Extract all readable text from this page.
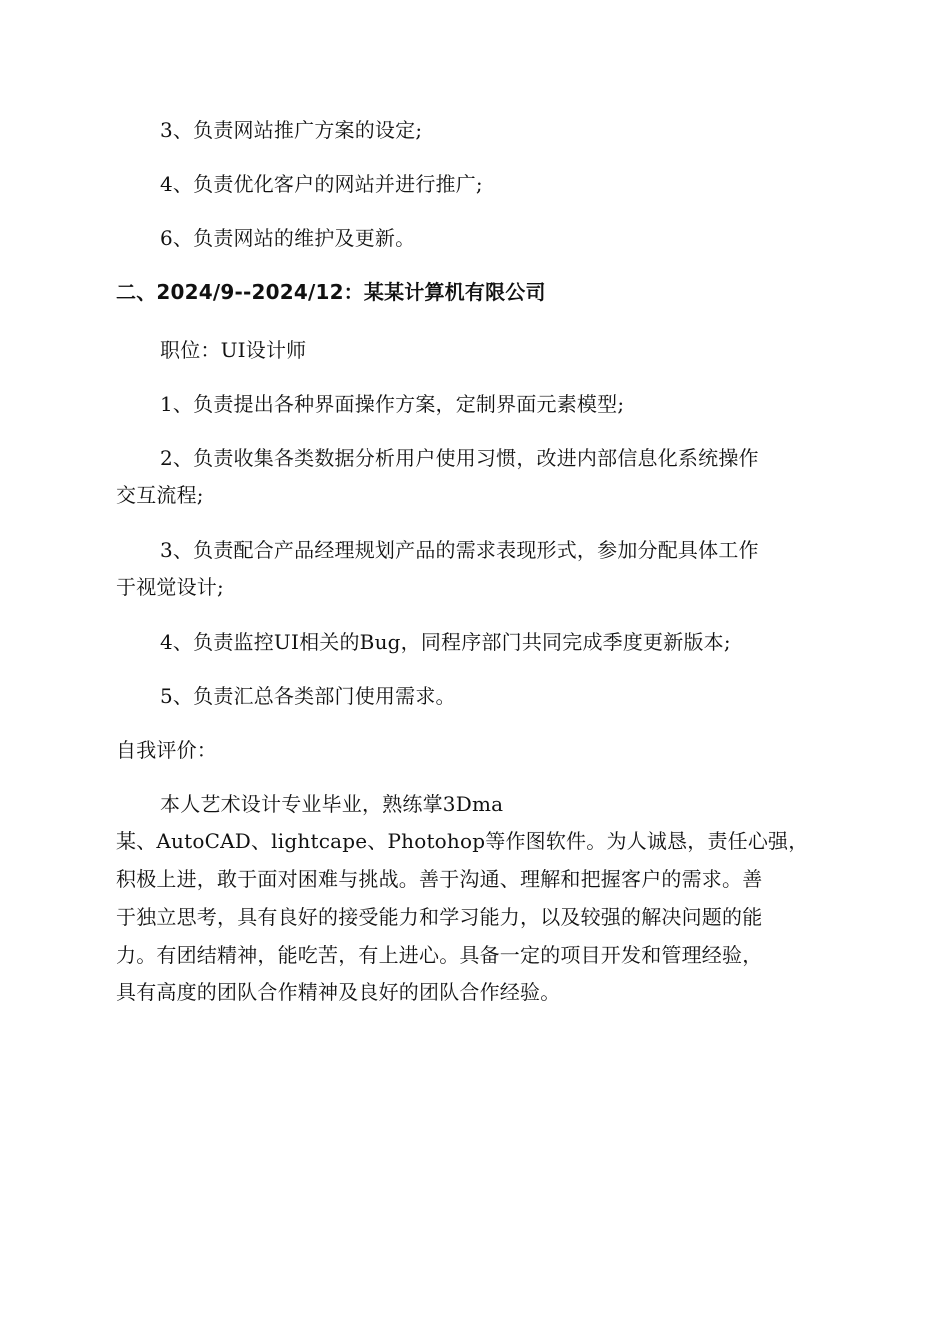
3、负责网站推广方案的设定;
4、负责优化客户的网站并进行推广;
6、负责网站的维护及更新。
二、2024/9--2024/12：某某计算机有限公司
职位：UI设计师
1、负责提出各种界面操作方案，定制界面元素模型;
2、负责收集各类数据分析用户使用习惯，改进内部信息化系统操作
交互流程;
3、负责配合产品经理规划产品的需求表现形式，参加分配具体工作
于视觉设计;
4、负责监控UI相关的Bug，同程序部门共同完成季度更新版本;
5、负责汇总各类部门使用需求。
自我评价：
本人艺术设计专业毕业，熟练掌3Dma
某、AutoCAD、lightcape、Photohop等作图软件。为人诚恳，责任心强，
积极上进，敢于面对困难与挑战。善于沟通、理解和把握客户的需求。善
于独立思考，具有良好的接受能力和学习能力，以及较强的解决问题的能
力。有团结精神，能吃苦，有上进心。具备一定的项目开发和管理经验，
具有高度的团队合作精神及良好的团队合作经验。
